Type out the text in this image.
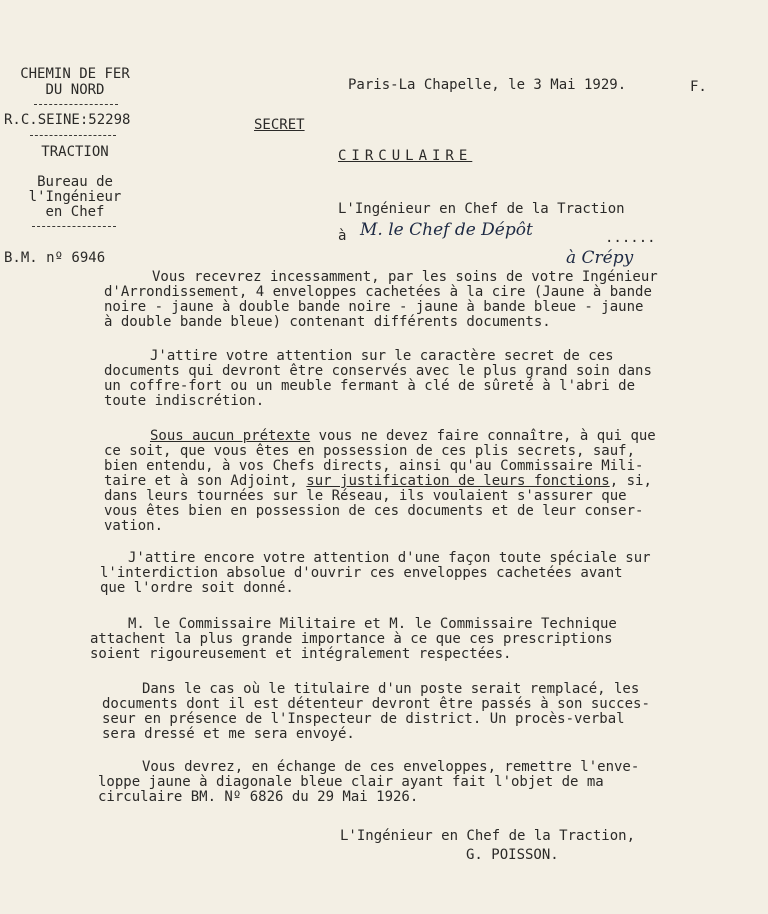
CHEMIN DE FER
DU NORD
R.C.SEINE:52298
TRACTION
Bureau de
l'Ingénieur
en Chef
B.M. nº 6946
Paris-La Chapelle, le 3 Mai 1929.	F.
SECRET
CIRCULAIRE
L'Ingénieur en Chef de la Traction
à M. le Chef de Dépôt	......
à Crépy
Vous recevrez incessamment, par les soins de votre Ingénieur
d'Arrondissement, 4 enveloppes cachetées à la cire (Jaune à bande
noire - jaune à double bande noire - jaune à bande bleue - jaune
à double bande bleue) contenant différents documents.
J'attire votre attention sur le caractère secret de ces
documents qui devront être conservés avec le plus grand soin dans
un coffre-fort ou un meuble fermant à clé de sûreté à l'abri de
toute indiscrétion.
Sous aucun prétexte vous ne devez faire connaître, à qui que
ce soit, que vous êtes en possession de ces plis secrets, sauf,
bien entendu, à vos Chefs directs, ainsi qu'au Commissaire Mili-
taire et à son Adjoint, sur justification de leurs fonctions, si,
dans leurs tournées sur le Réseau, ils voulaient s'assurer que
vous êtes bien en possession de ces documents et de leur conser-
vation.
J'attire encore votre attention d'une façon toute spéciale sur
l'interdiction absolue d'ouvrir ces enveloppes cachetées avant
que l'ordre soit donné.
M. le Commissaire Militaire et M. le Commissaire Technique
attachent la plus grande importance à ce que ces prescriptions
soient rigoureusement et intégralement respectées.
Dans le cas où le titulaire d'un poste serait remplacé, les
documents dont il est détenteur devront être passés à son succes-
seur en présence de l'Inspecteur de district. Un procès-verbal
sera dressé et me sera envoyé.
Vous devrez, en échange de ces enveloppes, remettre l'enve-
loppe jaune à diagonale bleue clair ayant fait l'objet de ma
circulaire BM. Nº 6826 du 29 Mai 1926.
L'Ingénieur en Chef de la Traction,
G. POISSON.
